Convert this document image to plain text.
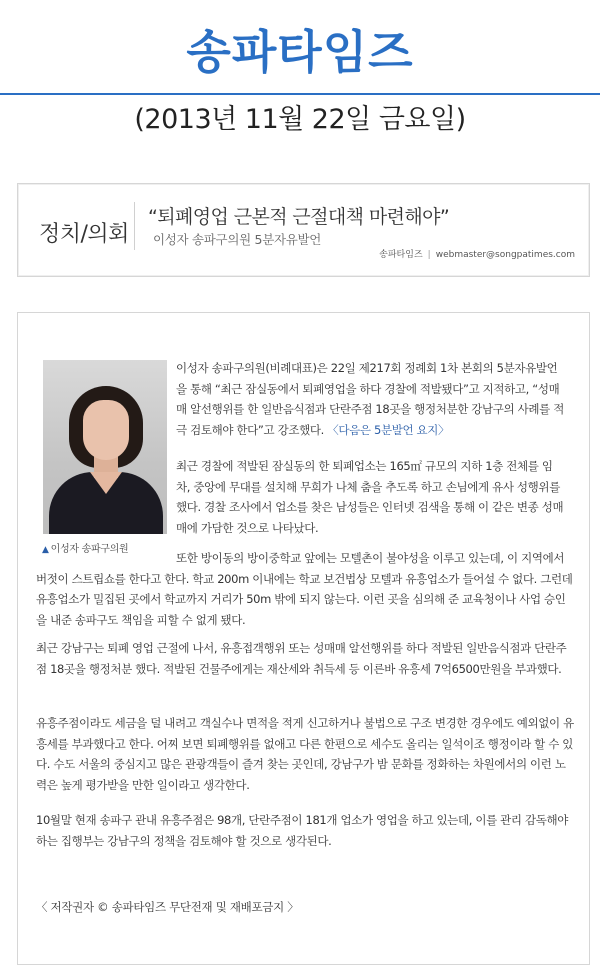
송파타임즈
(2013년 11월 22일 금요일)
정치/의회
“퇴폐영업 근본적 근절대책 마련해야”
이성자 송파구의원 5분자유발언
송파타임즈 | webmaster@songpatimes.com
▲ 이성자 송파구의원

이성자 송파구의원(비례대표)은 22일 제217회 정례회 1차 본회의 5분자유발언을 통해 “최근 잠실동에서 퇴폐영업을 하다 경찰에 적발됐다”고 지적하고, “성매매 알선행위를 한 일반음식점과 단란주점 18곳을 행정처분한 강남구의 사례를 적극 검토해야 한다”고 강조했다. 〈다음은 5분발언 요지〉

최근 경찰에 적발된 잠실동의 한 퇴폐업소는 165㎡ 규모의 지하 1층 전체를 임차, 중앙에 무대를 설치해 무희가 나체 춤을 추도록 하고 손님에게 유사 성행위를 했다. 경찰 조사에서 업소를 찾은 남성들은 인터넷 검색을 통해 이 같은 변종 성매매에 가담한 것으로 나타났다.

또한 방이동의 방이중학교 앞에는 모텔촌이 불야성을 이루고 있는데, 이 지역에서 버젓이 스트립쇼를 한다고 한다. 학교 200m 이내에는 학교 보건법상 모텔과 유흥업소가 들어설 수 없다. 그런데 유흥업소가 밀집된 곳에서 학교까지 거리가 50m 밖에 되지 않는다. 이런 곳을 심의해 준 교육청이나 사업 승인을 내준 송파구도 책임을 피할 수 없게 됐다.

최근 강남구는 퇴폐 영업 근절에 나서, 유흥접객행위 또는 성매매 알선행위를 하다 적발된 일반음식점과 단란주점 18곳을 행정처분 했다. 적발된 건물주에게는 재산세와 취득세 등 이른바 유흥세 7억6500만원을 부과했다.

유흥주점이라도 세금을 덜 내려고 객실수나 면적을 적게 신고하거나 불법으로 구조 변경한 경우에도 예외없이 유흥세를 부과했다고 한다. 어찌 보면 퇴폐행위를 없애고 다른 한편으로 세수도 올리는 일석이조 행정이라 할 수 있다. 수도 서울의 중심지고 많은 관광객들이 즐겨 찾는 곳인데, 강남구가 밤 문화를 정화하는 차원에서의 이런 노력은 높게 평가받을 만한 일이라고 생각한다.

10월말 현재 송파구 관내 유흥주점은 98개, 단란주점이 181개 업소가 영업을 하고 있는데, 이를 관리 감독해야 하는 집행부는 강남구의 정책을 검토해야 할 것으로 생각된다.

〈 저작권자 © 송파타임즈 무단전재 및 재배포금지 〉
